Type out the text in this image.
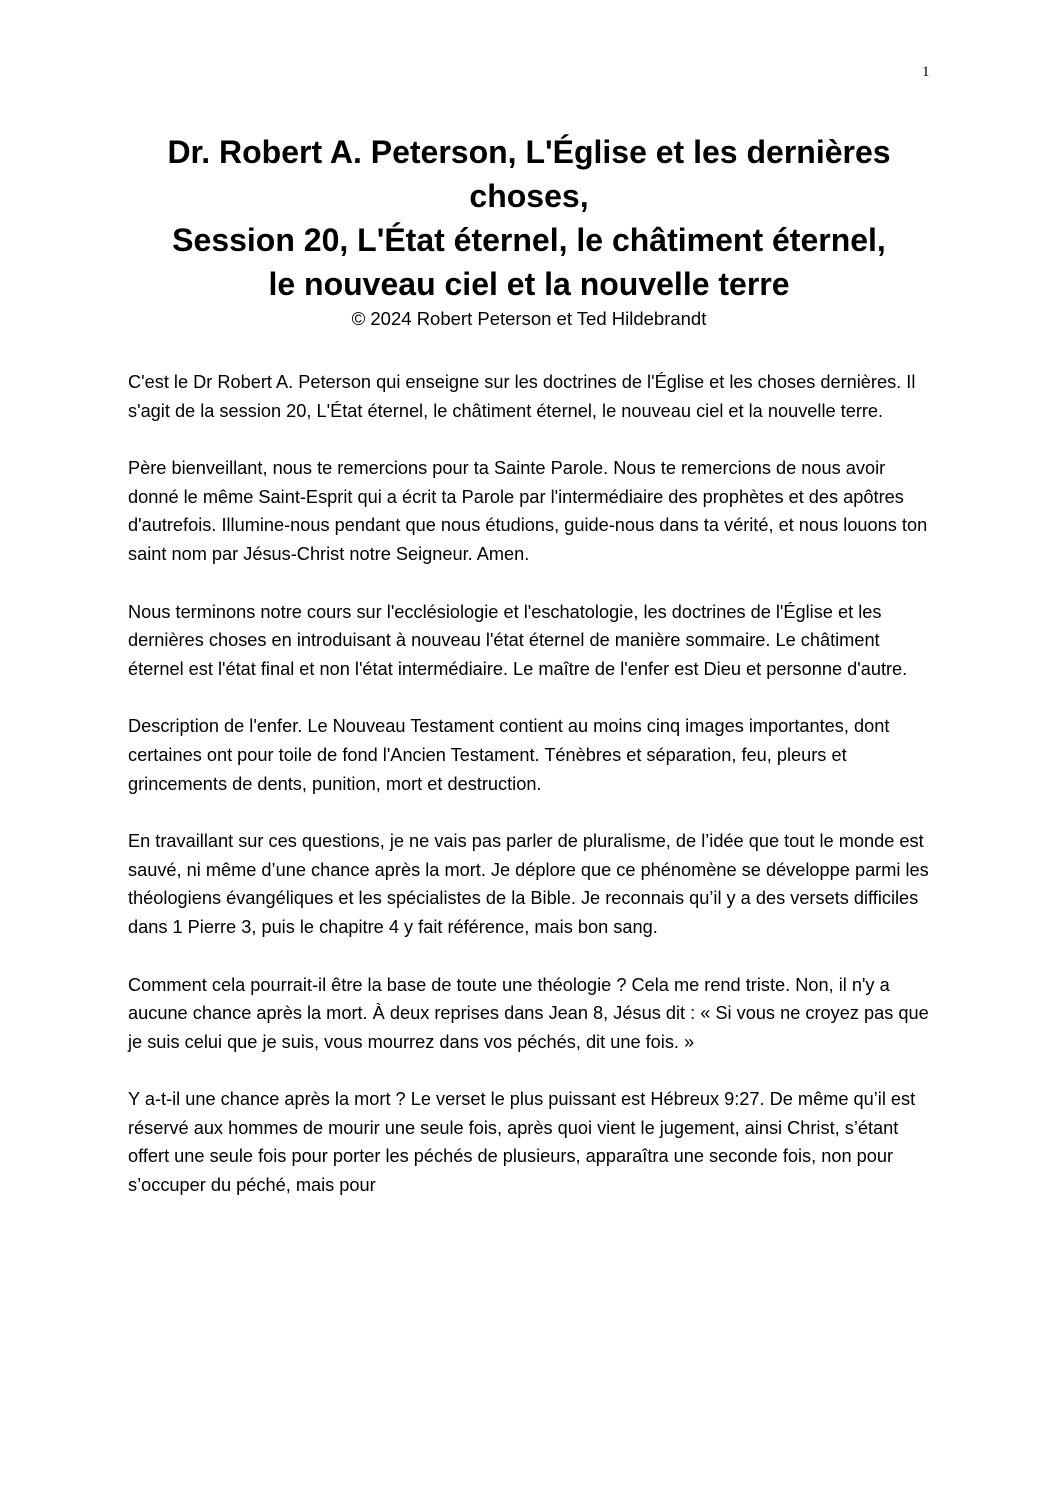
1
Dr. Robert A. Peterson, L'Église et les dernières
choses,
Session 20, L'État éternel, le châtiment éternel,
le nouveau ciel et la nouvelle terre
© 2024 Robert Peterson et Ted Hildebrandt

C'est le Dr Robert A. Peterson qui enseigne sur les doctrines de l'Église et les choses dernières. Il s'agit de la session 20, L'État éternel, le châtiment éternel, le nouveau ciel et la nouvelle terre.

Père bienveillant, nous te remercions pour ta Sainte Parole. Nous te remercions de nous avoir donné le même Saint-Esprit qui a écrit ta Parole par l'intermédiaire des prophètes et des apôtres d'autrefois. Illumine-nous pendant que nous étudions, guide-nous dans ta vérité, et nous louons ton saint nom par Jésus-Christ notre Seigneur. Amen.

Nous terminons notre cours sur l'ecclésiologie et l'eschatologie, les doctrines de l'Église et les dernières choses en introduisant à nouveau l'état éternel de manière sommaire. Le châtiment éternel est l'état final et non l'état intermédiaire. Le maître de l'enfer est Dieu et personne d'autre.

Description de l'enfer. Le Nouveau Testament contient au moins cinq images importantes, dont certaines ont pour toile de fond l'Ancien Testament. Ténèbres et séparation, feu, pleurs et grincements de dents, punition, mort et destruction.

En travaillant sur ces questions, je ne vais pas parler de pluralisme, de l’idée que tout le monde est sauvé, ni même d’une chance après la mort. Je déplore que ce phénomène se développe parmi les théologiens évangéliques et les spécialistes de la Bible. Je reconnais qu’il y a des versets difficiles dans 1 Pierre 3, puis le chapitre 4 y fait référence, mais bon sang.

Comment cela pourrait-il être la base de toute une théologie ? Cela me rend triste. Non, il n'y a aucune chance après la mort. À deux reprises dans Jean 8, Jésus dit : « Si vous ne croyez pas que je suis celui que je suis, vous mourrez dans vos péchés, dit une fois. »

Y a-t-il une chance après la mort ? Le verset le plus puissant est Hébreux 9:27. De même qu’il est réservé aux hommes de mourir une seule fois, après quoi vient le jugement, ainsi Christ, s’étant offert une seule fois pour porter les péchés de plusieurs, apparaîtra une seconde fois, non pour s’occuper du péché, mais pour
